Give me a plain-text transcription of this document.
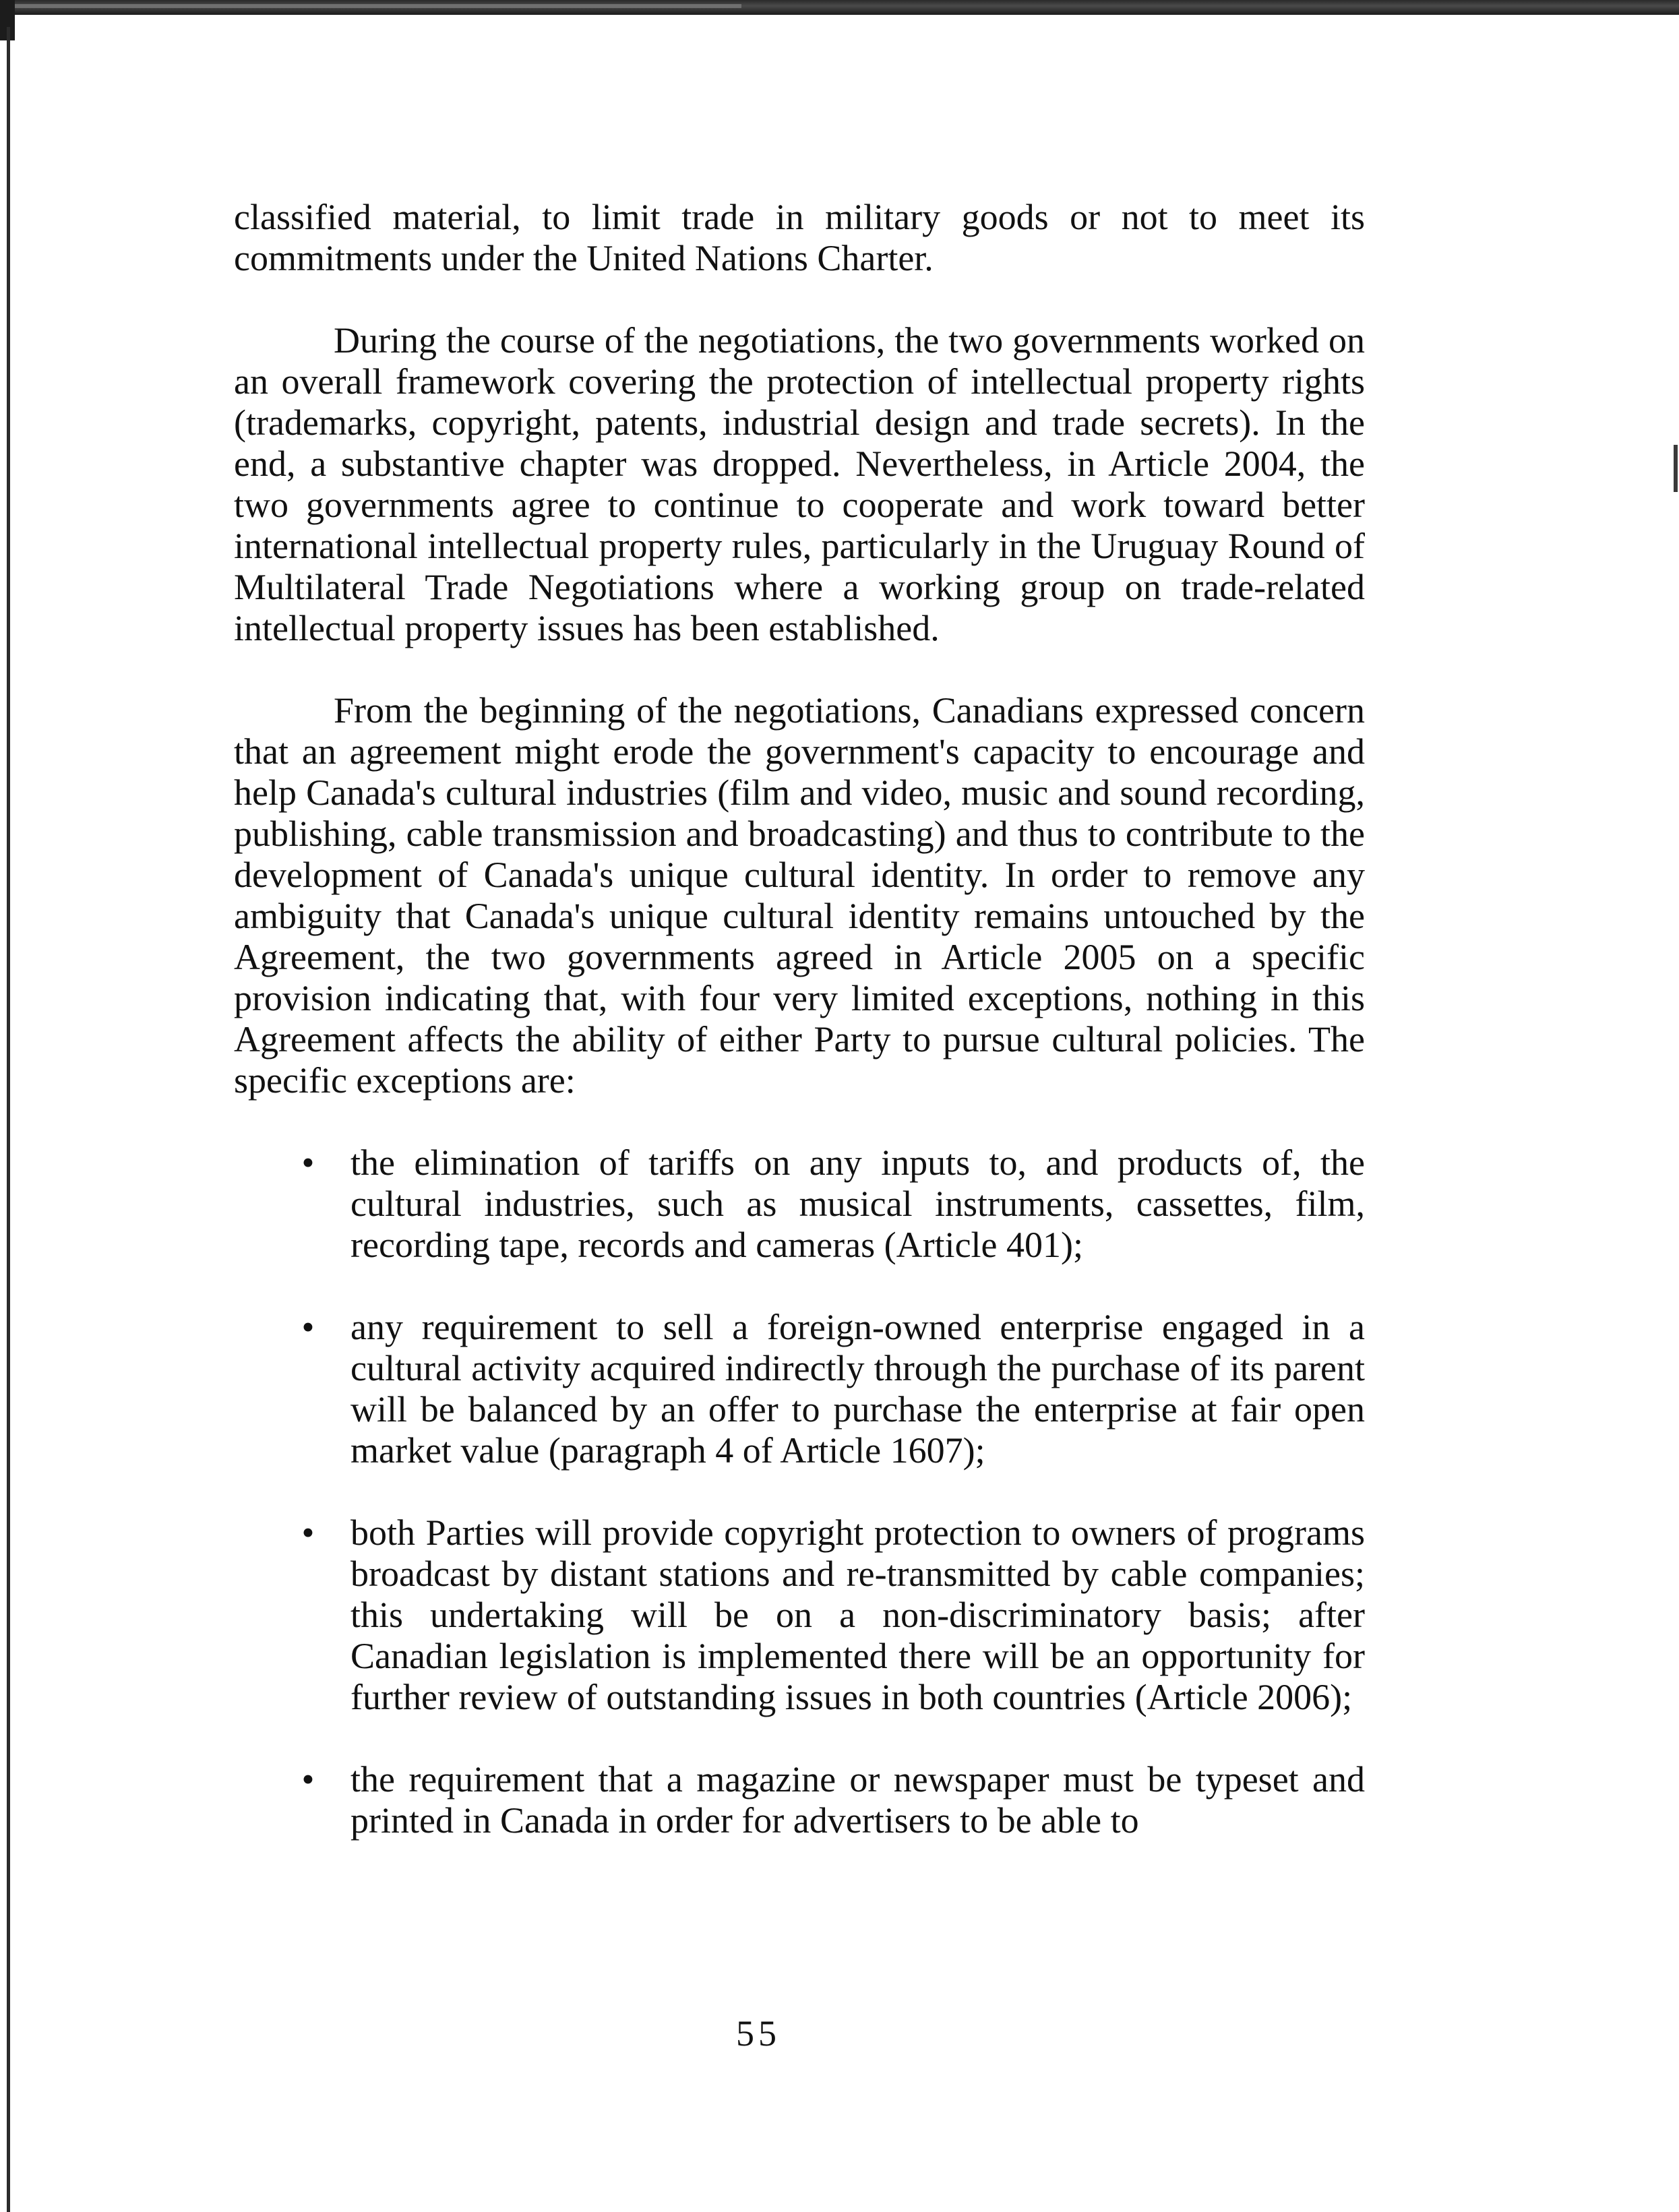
classified material, to limit trade in military goods or not to meet its commitments under the United Nations Charter.

During the course of the negotiations, the two governments worked on an overall framework covering the protection of intellectual property rights (trademarks, copyright, patents, industrial design and trade secrets). In the end, a substantive chapter was dropped. Nevertheless, in Article 2004, the two governments agree to continue to cooperate and work toward better international intellectual property rules, particularly in the Uruguay Round of Multilateral Trade Negotiations where a working group on trade-related intellectual property issues has been established.

From the beginning of the negotiations, Canadians expressed concern that an agreement might erode the government's capacity to encourage and help Canada's cultural industries (film and video, music and sound recording, publishing, cable transmission and broadcasting) and thus to contribute to the development of Canada's unique cultural identity. In order to remove any ambiguity that Canada's unique cultural identity remains untouched by the Agreement, the two governments agreed in Article 2005 on a specific provision indicating that, with four very limited exceptions, nothing in this Agreement affects the ability of either Party to pursue cultural policies. The specific exceptions are:

• the elimination of tariffs on any inputs to, and products of, the cultural industries, such as musical instruments, cassettes, film, recording tape, records and cameras (Article 401);
• any requirement to sell a foreign-owned enterprise engaged in a cultural activity acquired indirectly through the purchase of its parent will be balanced by an offer to purchase the enterprise at fair open market value (paragraph 4 of Article 1607);
• both Parties will provide copyright protection to owners of programs broadcast by distant stations and re-transmitted by cable companies; this undertaking will be on a non-discriminatory basis; after Canadian legislation is implemented there will be an opportunity for further review of outstanding issues in both countries (Article 2006);
• the requirement that a magazine or newspaper must be typeset and printed in Canada in order for advertisers to be able to
55
